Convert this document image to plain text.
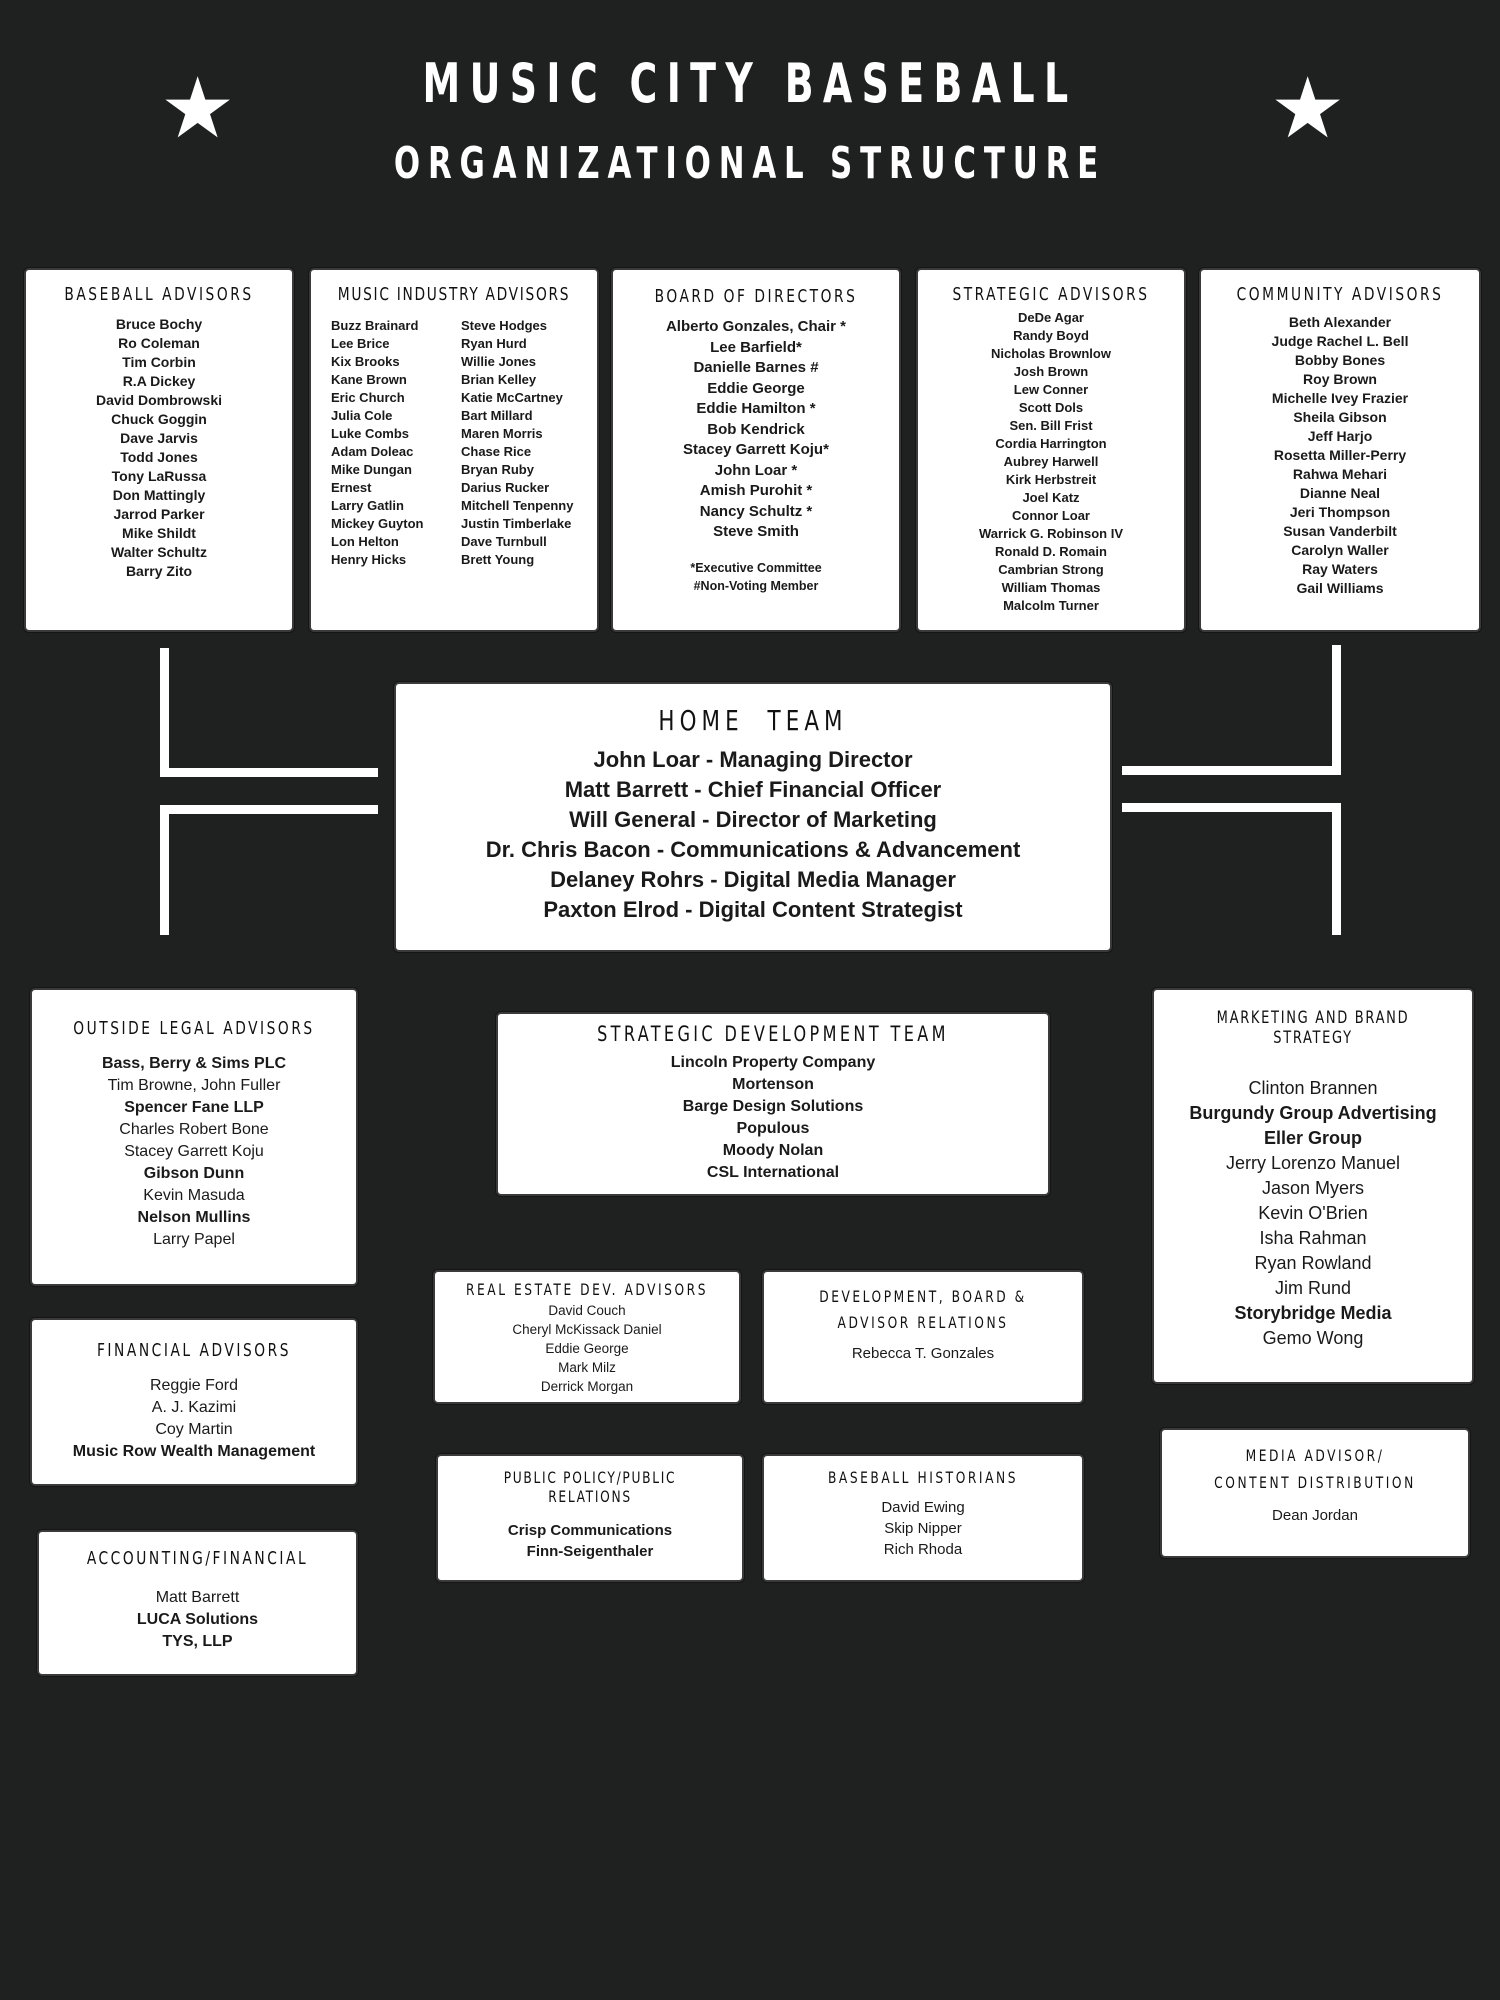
MUSIC CITY BASEBALL
ORGANIZATIONAL STRUCTURE
★	★
BASEBALL ADVISORS
Bruce Bochy
Ro Coleman
Tim Corbin
R.A Dickey
David Dombrowski
Chuck Goggin
Dave Jarvis
Todd Jones
Tony LaRussa
Don Mattingly
Jarrod Parker
Mike Shildt
Walter Schultz
Barry Zito
MUSIC INDUSTRY ADVISORS
Buzz Brainard
Lee Brice
Kix Brooks
Kane Brown
Eric Church
Julia Cole
Luke Combs
Adam Doleac
Mike Dungan
Ernest
Larry Gatlin
Mickey Guyton
Lon Helton
Henry Hicks
Steve Hodges
Ryan Hurd
Willie Jones
Brian Kelley
Katie McCartney
Bart Millard
Maren Morris
Chase Rice
Bryan Ruby
Darius Rucker
Mitchell Tenpenny
Justin Timberlake
Dave Turnbull
Brett Young
BOARD OF DIRECTORS
Alberto Gonzales, Chair *
Lee Barfield*
Danielle Barnes #
Eddie George
Eddie Hamilton *
Bob Kendrick
Stacey Garrett Koju*
John Loar *
Amish Purohit *
Nancy Schultz *
Steve Smith
*Executive Committee
#Non-Voting Member
STRATEGIC ADVISORS
DeDe Agar
Randy Boyd
Nicholas Brownlow
Josh Brown
Lew Conner
Scott Dols
Sen. Bill Frist
Cordia Harrington
Aubrey Harwell
Kirk Herbstreit
Joel Katz
Connor Loar
Warrick G. Robinson IV
Ronald D. Romain
Cambrian Strong
William Thomas
Malcolm Turner
COMMUNITY ADVISORS
Beth Alexander
Judge Rachel L. Bell
Bobby Bones
Roy Brown
Michelle Ivey Frazier
Sheila Gibson
Jeff Harjo
Rosetta Miller-Perry
Rahwa Mehari
Dianne Neal
Jeri Thompson
Susan Vanderbilt
Carolyn Waller
Ray Waters
Gail Williams
HOME  TEAM
John Loar - Managing Director
Matt Barrett - Chief Financial Officer
Will General - Director of Marketing
Dr. Chris Bacon - Communications & Advancement
Delaney Rohrs - Digital Media Manager
Paxton Elrod - Digital Content Strategist
OUTSIDE LEGAL ADVISORS
Bass, Berry & Sims PLC
Tim Browne, John Fuller
Spencer Fane LLP
Charles Robert Bone
Stacey Garrett Koju
Gibson Dunn
Kevin Masuda
Nelson Mullins
Larry Papel
FINANCIAL ADVISORS
Reggie Ford
A. J. Kazimi
Coy Martin
Music Row Wealth Management
ACCOUNTING/FINANCIAL
Matt Barrett
LUCA Solutions
TYS, LLP
STRATEGIC DEVELOPMENT TEAM
Lincoln Property Company
Mortenson
Barge Design Solutions
Populous
Moody Nolan
CSL International
REAL ESTATE DEV. ADVISORS
David Couch
Cheryl McKissack Daniel
Eddie George
Mark Milz
Derrick Morgan
DEVELOPMENT, BOARD &
ADVISOR RELATIONS
Rebecca T. Gonzales
PUBLIC POLICY/PUBLIC RELATIONS
Crisp Communications
Finn-Seigenthaler
BASEBALL HISTORIANS
David Ewing
Skip Nipper
Rich Rhoda
MARKETING AND BRAND STRATEGY
Clinton Brannen
Burgundy Group Advertising
Eller Group
Jerry Lorenzo Manuel
Jason Myers
Kevin O'Brien
Isha Rahman
Ryan Rowland
Jim Rund
Storybridge Media
Gemo Wong
MEDIA ADVISOR/
CONTENT DISTRIBUTION
Dean Jordan
